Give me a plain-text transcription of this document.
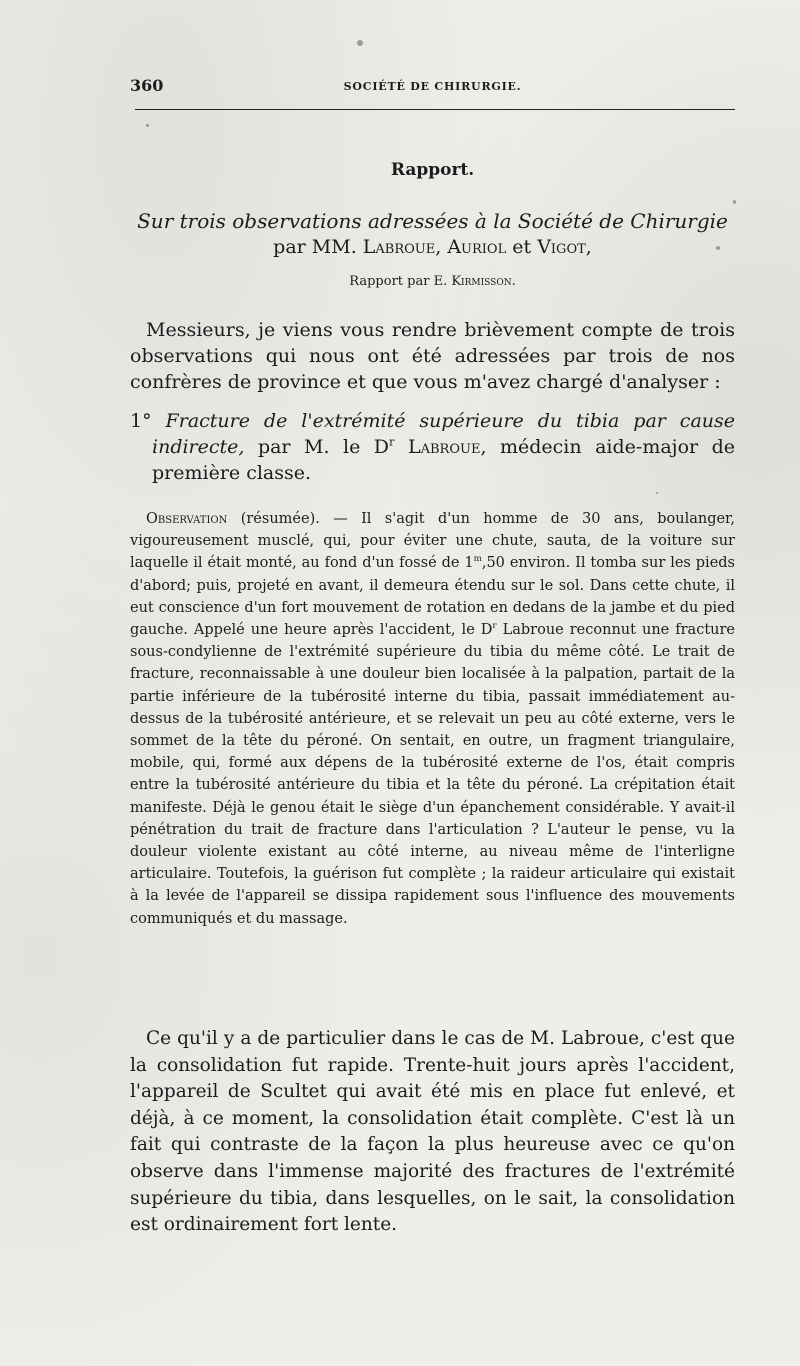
360	SOCIÉTÉ DE CHIRURGIE.
Rapport.
Sur trois observations adressées à la Société de Chirurgie
par MM. Labroue, Auriol et Vigot,
Rapport par E. Kirmisson.

Messieurs, je viens vous rendre brièvement compte de trois observations qui nous ont été adressées par trois de nos confrères de province et que vous m'avez chargé d'analyser :

1° Fracture de l'extrémité supérieure du tibia par cause indirecte, par M. le $D^r$ Labroue, médecin aide-major de première classe.

Observation (résumée). — Il s'agit d'un homme de 30 ans, boulanger, vigoureusement musclé, qui, pour éviter une chute, sauta, de la voiture sur laquelle il était monté, au fond d'un fossé de 1$^m$,50 environ. Il tomba sur les pieds d'abord; puis, projeté en avant, il demeura étendu sur le sol. Dans cette chute, il eut conscience d'un fort mouvement de rotation en dedans de la jambe et du pied gauche. Appelé une heure après l'accident, le $D^r$ Labroue reconnut une fracture sous-condylienne de l'extrémité supérieure du tibia du même côté. Le trait de fracture, reconnaissable à une douleur bien localisée à la palpation, partait de la partie inférieure de la tubérosité interne du tibia, passait immédiatement au-dessus de la tubérosité antérieure, et se relevait un peu au côté externe, vers le sommet de la tête du péroné. On sentait, en outre, un fragment triangulaire, mobile, qui, formé aux dépens de la tubérosité externe de l'os, était compris entre la tubérosité antérieure du tibia et la tête du péroné. La crépitation était manifeste. Déjà le genou était le siège d'un épanchement considérable. Y avait-il pénétration du trait de fracture dans l'articulation ? L'auteur le pense, vu la douleur violente existant au côté interne, au niveau même de l'interligne articulaire. Toutefois, la guérison fut complète ; la raideur articulaire qui existait à la levée de l'appareil se dissipa rapidement sous l'influence des mouvements communiqués et du massage.

Ce qu'il y a de particulier dans le cas de M. Labroue, c'est que la consolidation fut rapide. Trente-huit jours après l'accident, l'appareil de Scultet qui avait été mis en place fut enlevé, et déjà, à ce moment, la consolidation était complète. C'est là un fait qui contraste de la façon la plus heureuse avec ce qu'on observe dans l'immense majorité des fractures de l'extrémité supérieure du tibia, dans lesquelles, on le sait, la consolidation est ordinairement fort lente.
